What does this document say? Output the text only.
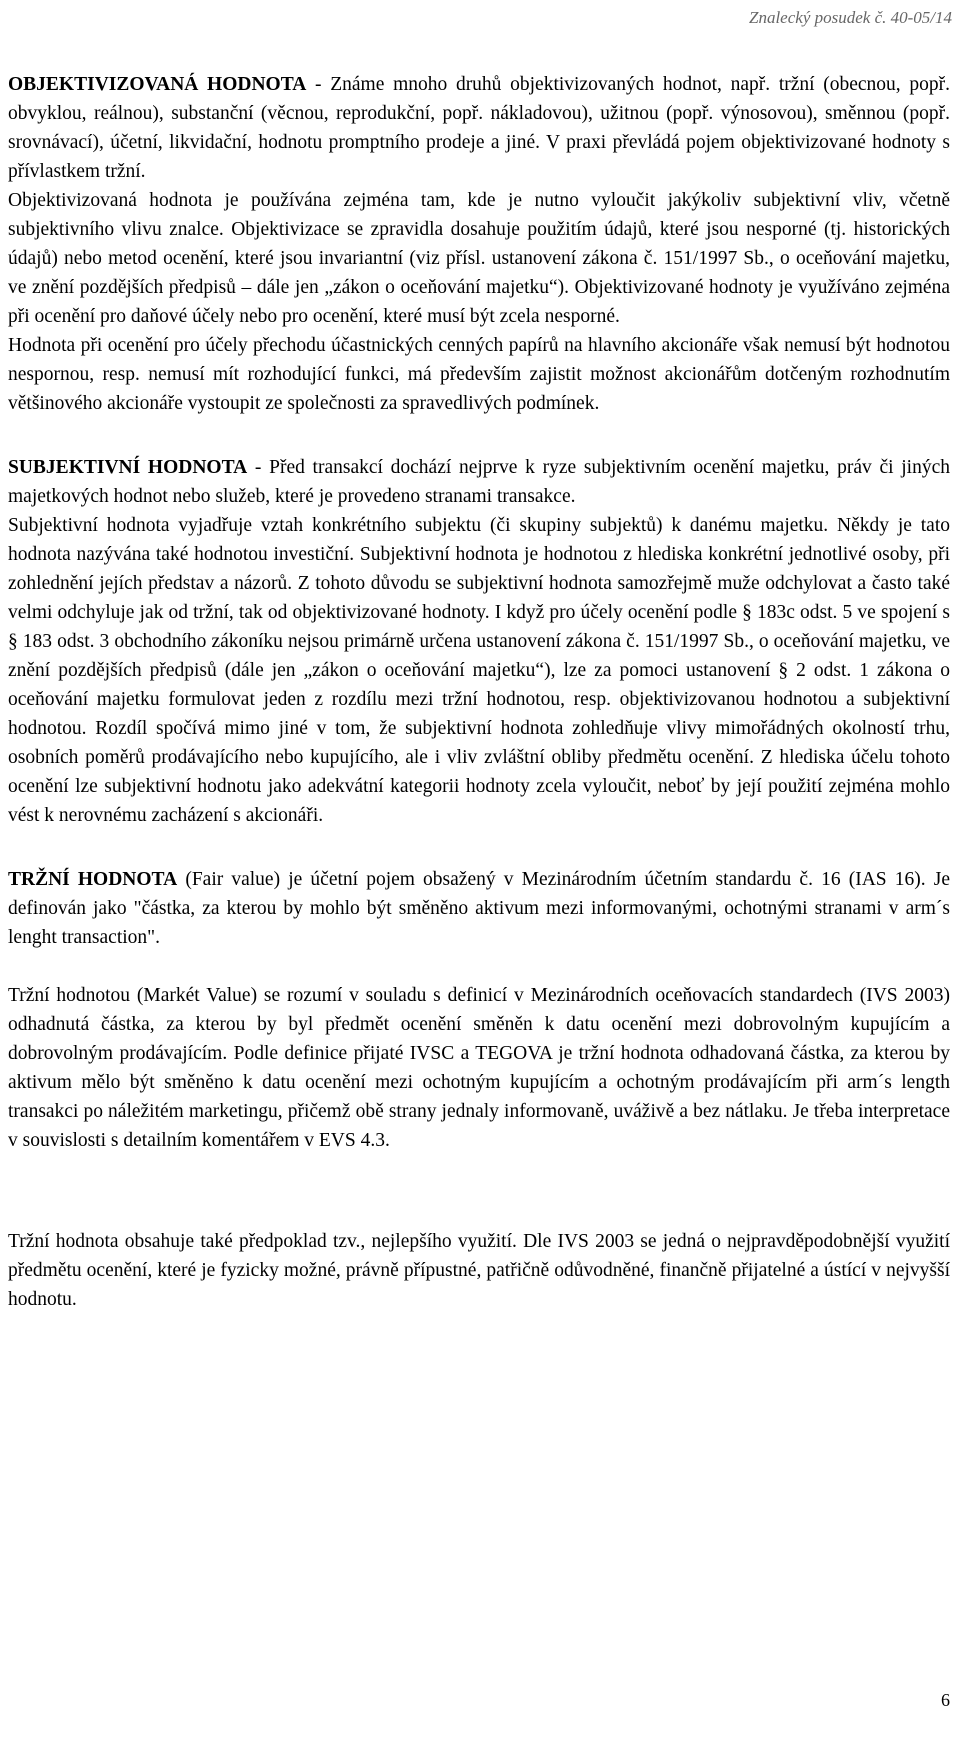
Znalecký posudek č. 40-05/14

OBJEKTIVIZOVANÁ HODNOTA - Známe mnoho druhů objektivizovaných hodnot, např. tržní (obecnou, popř. obvyklou, reálnou), substanční (věcnou, reprodukční, popř. nákladovou), užitnou (popř. výnosovou), směnnou (popř. srovnávací), účetní, likvidační, hodnotu promptního prodeje a jiné. V praxi převládá pojem objektivizované hodnoty s přívlastkem tržní.

Objektivizovaná hodnota je používána zejména tam, kde je nutno vyloučit jakýkoliv subjektivní vliv, včetně subjektivního vlivu znalce. Objektivizace se zpravidla dosahuje použitím údajů, které jsou nesporné (tj. historických údajů) nebo metod ocenění, které jsou invariantní (viz přísl. ustanovení zákona č. 151/1997 Sb., o oceňování majetku, ve znění pozdějších předpisů – dále jen „zákon o oceňování majetku“). Objektivizované hodnoty je využíváno zejména při ocenění pro daňové účely nebo pro ocenění, které musí být zcela nesporné.

Hodnota při ocenění pro účely přechodu účastnických cenných papírů na hlavního akcionáře však nemusí být hodnotou nespornou, resp. nemusí mít rozhodující funkci, má především zajistit možnost akcionářům dotčeným rozhodnutím většinového akcionáře vystoupit ze společnosti za spravedlivých podmínek.

SUBJEKTIVNÍ HODNOTA - Před transakcí dochází nejprve k ryze subjektivním ocenění majetku, práv či jiných majetkových hodnot nebo služeb, které je provedeno stranami transakce.

Subjektivní hodnota vyjadřuje vztah konkrétního subjektu (či skupiny subjektů) k danému majetku. Někdy je tato hodnota nazývána také hodnotou investiční. Subjektivní hodnota je hodnotou z hlediska konkrétní jednotlivé osoby, při zohlednění jejích představ a názorů. Z tohoto důvodu se subjektivní hodnota samozřejmě muže odchylovat a často také velmi odchyluje jak od tržní, tak od objektivizované hodnoty. I když pro účely ocenění podle § 183c odst. 5 ve spojení s § 183 odst. 3 obchodního zákoníku nejsou primárně určena ustanovení zákona č. 151/1997 Sb., o oceňování majetku, ve znění pozdějších předpisů (dále jen „zákon o oceňování majetku“), lze za pomoci ustanovení § 2 odst. 1 zákona o oceňování majetku formulovat jeden z rozdílu mezi tržní hodnotou, resp. objektivizovanou hodnotou a subjektivní hodnotou. Rozdíl spočívá mimo jiné v tom, že subjektivní hodnota zohledňuje vlivy mimořádných okolností trhu, osobních poměrů prodávajícího nebo kupujícího, ale i vliv zvláštní obliby předmětu ocenění. Z hlediska účelu tohoto ocenění lze subjektivní hodnotu jako adekvátní kategorii hodnoty zcela vyloučit, neboť by její použití zejména mohlo vést k nerovnému zacházení s akcionáři.

TRŽNÍ HODNOTA (Fair value) je účetní pojem obsažený v Mezinárodním účetním standardu č. 16 (IAS 16). Je definován jako "částka, za kterou by mohlo být směněno aktivum mezi informovanými, ochotnými stranami v arm´s lenght transaction".

Tržní hodnotou (Markét Value) se rozumí v souladu s definicí v Mezinárodních oceňovacích standardech (IVS 2003) odhadnutá částka, za kterou by byl předmět ocenění směněn k datu ocenění mezi dobrovolným kupujícím a dobrovolným prodávajícím. Podle definice přijaté IVSC a TEGOVA je tržní hodnota odhadovaná částka, za kterou by aktivum mělo být směněno k datu ocenění mezi ochotným kupujícím a ochotným prodávajícím při arm´s length transakci po náležitém marketingu, přičemž obě strany jednaly informovaně, uváživě a bez nátlaku. Je třeba interpretace v souvislosti s detailním komentářem v EVS 4.3.

Tržní hodnota obsahuje také předpoklad tzv., nejlepšího využití. Dle IVS 2003 se jedná o nejpravděpodobnější využití předmětu ocenění, které je fyzicky možné, právně přípustné, patřičně odůvodněné, finančně přijatelné a ústící v nejvyšší hodnotu.

6
